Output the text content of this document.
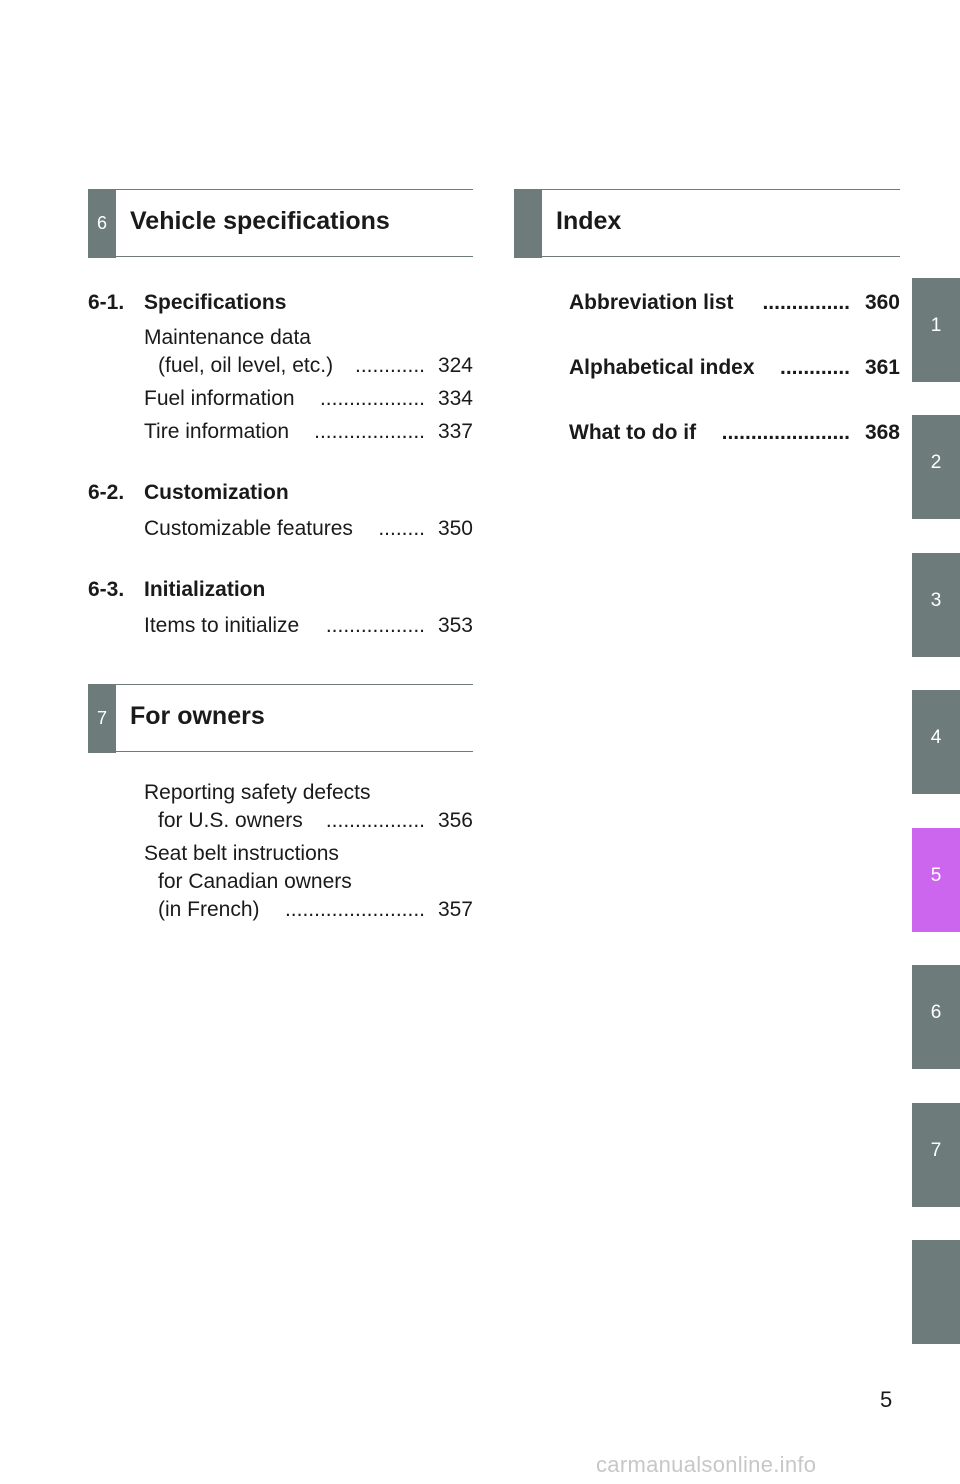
6 Vehicle specifications	Index
6-1. Specifications
Maintenance data
(fuel, oil level, etc.) ............ 324
Fuel information .................. 334
Tire information ................... 337
6-2. Customization
Customizable features ........ 350
6-3. Initialization
Items to initialize ................. 353
7 For owners
Reporting safety defects
for U.S. owners ................. 356
Seat belt instructions
for Canadian owners
(in French) ........................ 357
Abbreviation list ............... 360
Alphabetical index ............ 361
What to do if ...................... 368
1
2
3
4
5
6
7
5
carmanualsonline.info
